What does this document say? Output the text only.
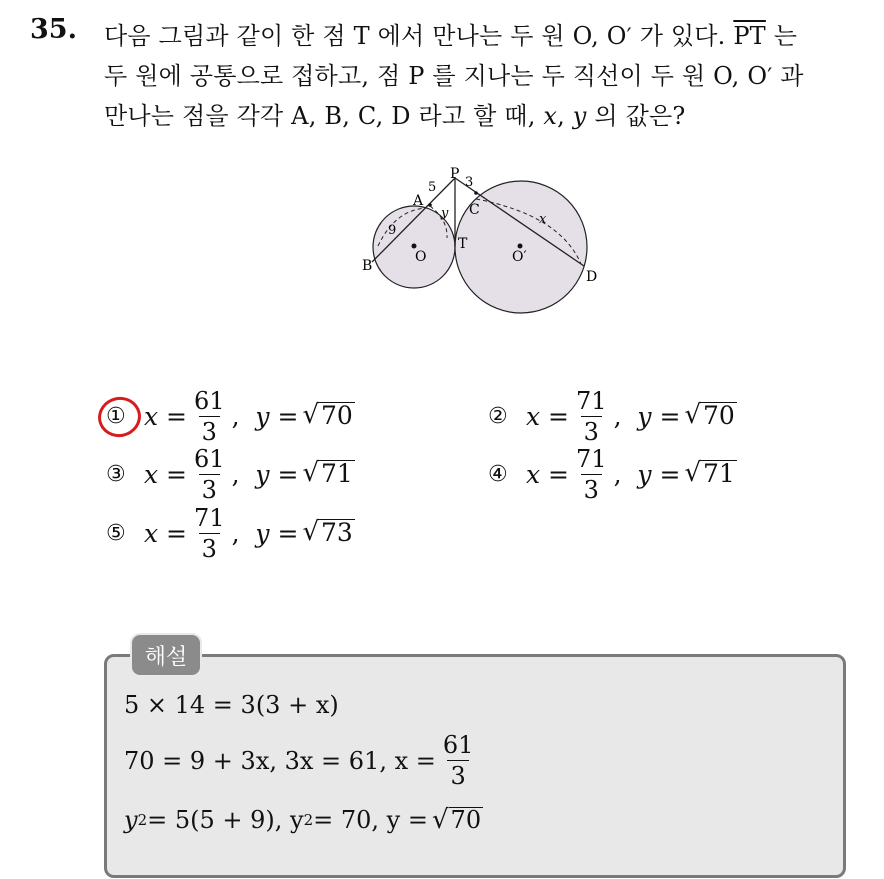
35. 다음 그림과 같이 한 점 T 에서 만나는 두 원 O, O′ 가 있다. $\overline{PT}$ 는
두 원에 공통으로 접하고, 점 P 를 지나는 두 직선이 두 원 O, O′ 과
만나는 점을 각각 A, B, C, D 라고 할 때, x, y 의 값은?
P
A
B
C
D
T
O	O′
5 3
9
y	x
① $x = \frac{61}{3}$ , y = √ 70	② $x = \frac{71}{3}$ , y = √ 70
③ $x = \frac{61}{3}$ , y = √ 71	④ $x = \frac{71}{3}$ , y = √ 71
⑤ $x = \frac{71}{3}$ , y = √ 73
해설
5 × 14 = 3(3 + x)
70 = 9 + 3x, 3x = 61, $x = \frac{61}{3}$
y 2 = 5(5 + 9), y 2 = 70, y = √ 70
